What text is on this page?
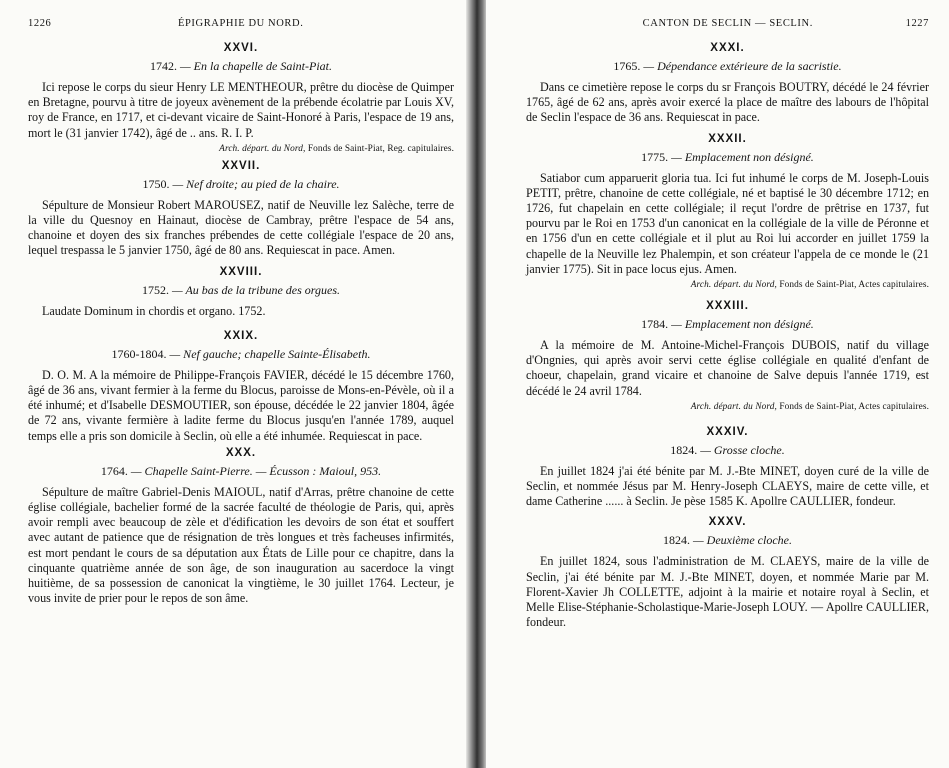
1226	ÉPIGRAPHIE DU NORD.
XXVI.
1742. — En la chapelle de Saint-Piat.

Ici repose le corps du sieur Henry LE MENTHEOUR, prêtre du diocèse de Quimper en Bretagne, pourvu à titre de joyeux avènement de la prébende écolatrie par Louis XV, roy de France, en 1717, et ci-devant vicaire de Saint-Honoré à Paris, l'espace de 19 ans, mort le (31 janvier 1742), âgé de .. ans. R. I. P.

Arch. départ. du Nord, Fonds de Saint-Piat, Reg. capitulaires.
XXVII.
1750. — Nef droite; au pied de la chaire.

Sépulture de Monsieur Robert MAROUSEZ, natif de Neuville lez Salèche, terre de la ville du Quesnoy en Hainaut, diocèse de Cambray, prêtre l'espace de 54 ans, chanoine et doyen des six franches prébendes de cette collégiale l'espace de 20 ans, lequel trespassa le 5 janvier 1750, âgé de 80 ans. Requiescat in pace. Amen.

XXVIII.
1752. — Au bas de la tribune des orgues.

Laudate Dominum in chordis et organo. 1752.

XXIX.
1760-1804. — Nef gauche; chapelle Sainte-Élisabeth.

D. O. M. A la mémoire de Philippe-François FAVIER, décédé le 15 décembre 1760, âgé de 36 ans, vivant fermier à la ferme du Blocus, paroisse de Mons-en-Pévèle, où il a été inhumé; et d'Isabelle DESMOUTIER, son épouse, décédée le 22 janvier 1804, âgée de 72 ans, vivante fermière à ladite ferme du Blocus jusqu'en l'année 1789, auquel temps elle a pris son domicile à Seclin, où elle a été inhumée. Requiescat in pace.

XXX.
1764. — Chapelle Saint-Pierre. — Écusson : Maioul, 953.

Sépulture de maître Gabriel-Denis MAIOUL, natif d'Arras, prêtre chanoine de cette église collégiale, bachelier formé de la sacrée faculté de théologie de Paris, qui, après avoir rempli avec beaucoup de zèle et d'édification les devoirs de son état et souffert avec autant de patience que de résignation de très longues et très facheuses infirmités, est mort pendant le cours de sa députation aux États de Lille pour ce chapitre, dans la cinquante quatrième année de son âge, de son inauguration au sacerdoce la vingt huitième, de sa possession de canonicat la vingtième, le 30 juillet 1764. Lecteur, je vous invite de prier pour le repos de son âme.

CANTON DE SECLIN — SECLIN.	1227
XXXI.
1765. — Dépendance extérieure de la sacristie.

Dans ce cimetière repose le corps du sr François BOUTRY, décédé le 24 février 1765, âgé de 62 ans, après avoir exercé la place de maître des labours de l'hôpital de Seclin l'espace de 36 ans. Requiescat in pace.

XXXII.
1775. — Emplacement non désigné.

Satiabor cum apparuerit gloria tua. Ici fut inhumé le corps de M. Joseph-Louis PETIT, prêtre, chanoine de cette collégiale, né et baptisé le 30 décembre 1712; en 1726, fut chapelain en cette collégiale; il reçut l'ordre de prêtrise en 1737, fut pourvu par le Roi en 1753 d'un canonicat en la collégiale de la ville de Péronne et en 1756 d'un en cette collégiale et il plut au Roi lui accorder en juillet 1759 la chapelle de la Neuville lez Phalempin, et son créateur l'appela de ce monde le (21 janvier 1775). Sit in pace locus ejus. Amen.

Arch. départ. du Nord, Fonds de Saint-Piat, Actes capitulaires.
XXXIII.
1784. — Emplacement non désigné.

A la mémoire de M. Antoine-Michel-François DUBOIS, natif du village d'Ongnies, qui après avoir servi cette église collégiale en qualité d'enfant de choeur, chapelain, grand vicaire et chanoine de Salve depuis l'année 1719, est décédé le 24 avril 1784.

Arch. départ. du Nord, Fonds de Saint-Piat, Actes capitulaires.
XXXIV.
1824. — Grosse cloche.

En juillet 1824 j'ai été bénite par M. J.-Bte MINET, doyen curé de la ville de Seclin, et nommée Jésus par M. Henry-Joseph CLAEYS, maire de cette ville, et dame Catherine ...... à Seclin. Je pèse 1585 K. Apollre CAULLIER, fondeur.

XXXV.
1824. — Deuxième cloche.

En juillet 1824, sous l'administration de M. CLAEYS, maire de la ville de Seclin, j'ai été bénite par M. J.-Bte MINET, doyen, et nommée Marie par M. Florent-Xavier Jh COLLETTE, adjoint à la mairie et notaire royal à Seclin, et Melle Elise-Stéphanie-Scholastique-Marie-Joseph LOUY. — Apollre CAULLIER, fondeur.
